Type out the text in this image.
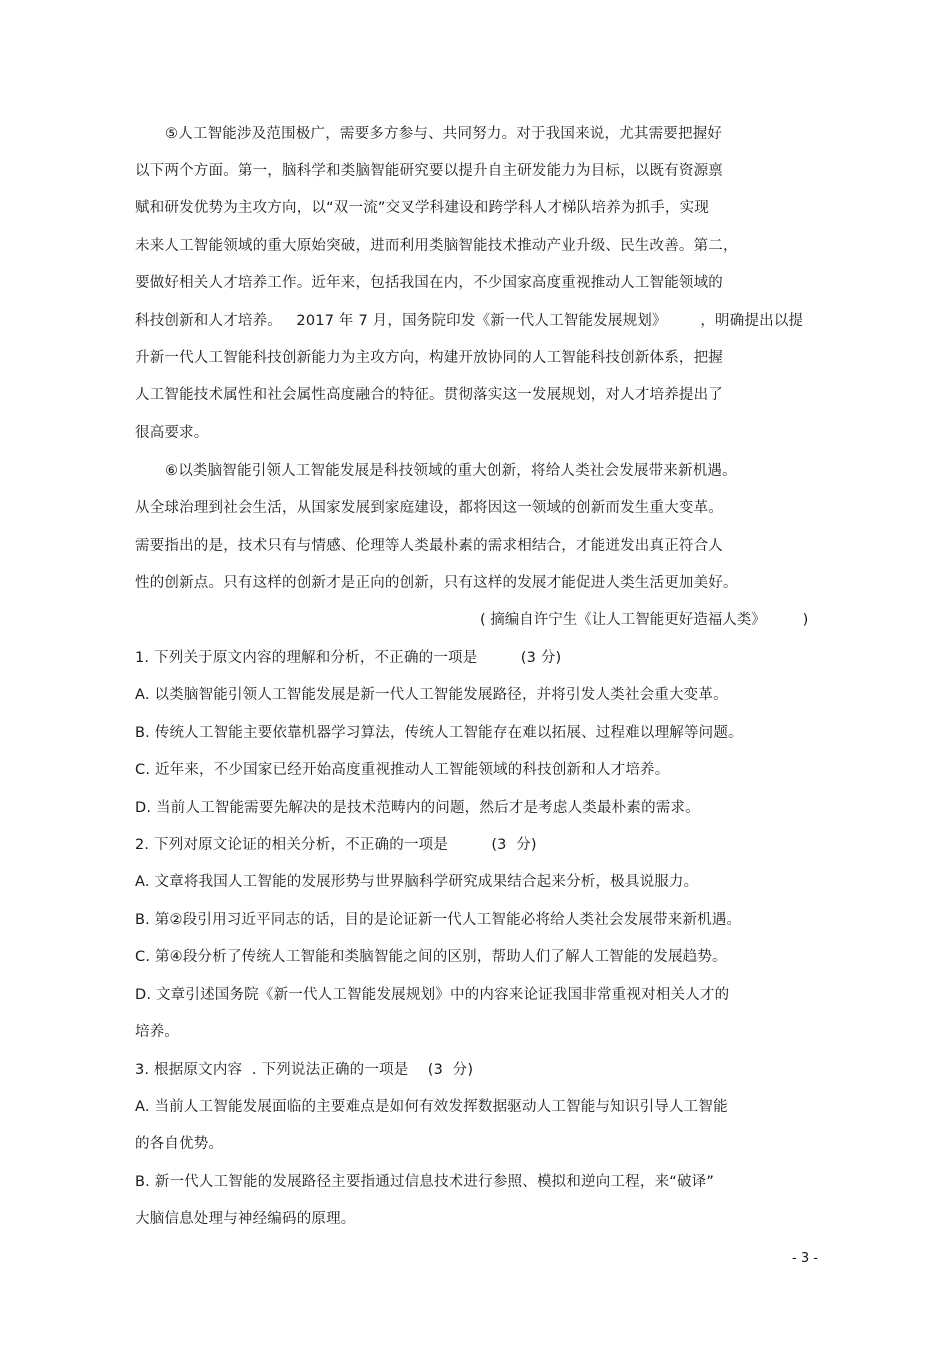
⑤人工智能涉及范围极广，需要多方参与、共同努力。对于我国来说，尤其需要把握好
以下两个方面。第一，脑科学和类脑智能研究要以提升自主研发能力为目标，以既有资源禀
赋和研发优势为主攻方向，以“双一流”交叉学科建设和跨学科人才梯队培养为抓手，实现
未来人工智能领域的重大原始突破，进而利用类脑智能技术推动产业升级、民生改善。第二，
要做好相关人才培养工作。近年来，包括我国在内，不少国家高度重视推动人工智能领域的
科技创新和人才培养。   2017 年 7 月，国务院印发《新一代人工智能发展规划》       ，明确提出以提
升新一代人工智能科技创新能力为主攻方向，构建开放协同的人工智能科技创新体系，把握
人工智能技术属性和社会属性高度融合的特征。贯彻落实这一发展规划，对人才培养提出了
很高要求。
⑥以类脑智能引领人工智能发展是科技领域的重大创新，将给人类社会发展带来新机遇。
从全球治理到社会生活，从国家发展到家庭建设，都将因这一领域的创新而发生重大变革。
需要指出的是，技术只有与情感、伦理等人类最朴素的需求相结合，才能迸发出真正符合人
性的创新点。只有这样的创新才是正向的创新，只有这样的发展才能促进人类生活更加美好。
( 摘编自许宁生《让人工智能更好造福人类》        )
1. 下列关于原文内容的理解和分析，不正确的一项是         (3 分)
A. 以类脑智能引领人工智能发展是新一代人工智能发展路径，并将引发人类社会重大变革。
B. 传统人工智能主要依靠机器学习算法，传统人工智能存在难以拓展、过程难以理解等问题。
C. 近年来，不少国家已经开始高度重视推动人工智能领域的科技创新和人才培养。
D. 当前人工智能需要先解决的是技术范畴内的问题，然后才是考虑人类最朴素的需求。
2. 下列对原文论证的相关分析，不正确的一项是         (3  分)
A. 文章将我国人工智能的发展形势与世界脑科学研究成果结合起来分析，极具说服力。
B. 第②段引用习近平同志的话，目的是论证新一代人工智能必将给人类社会发展带来新机遇。
C. 第④段分析了传统人工智能和类脑智能之间的区别，帮助人们了解人工智能的发展趋势。
D. 文章引述国务院《新一代人工智能发展规划》中的内容来论证我国非常重视对相关人才的
培养。
3. 根据原文内容  . 下列说法正确的一项是    (3  分)
A. 当前人工智能发展面临的主要难点是如何有效发挥数据驱动人工智能与知识引导人工智能
的各自优势。
B. 新一代人工智能的发展路径主要指通过信息技术进行参照、模拟和逆向工程，来“破译”
大脑信息处理与神经编码的原理。
- 3 -
